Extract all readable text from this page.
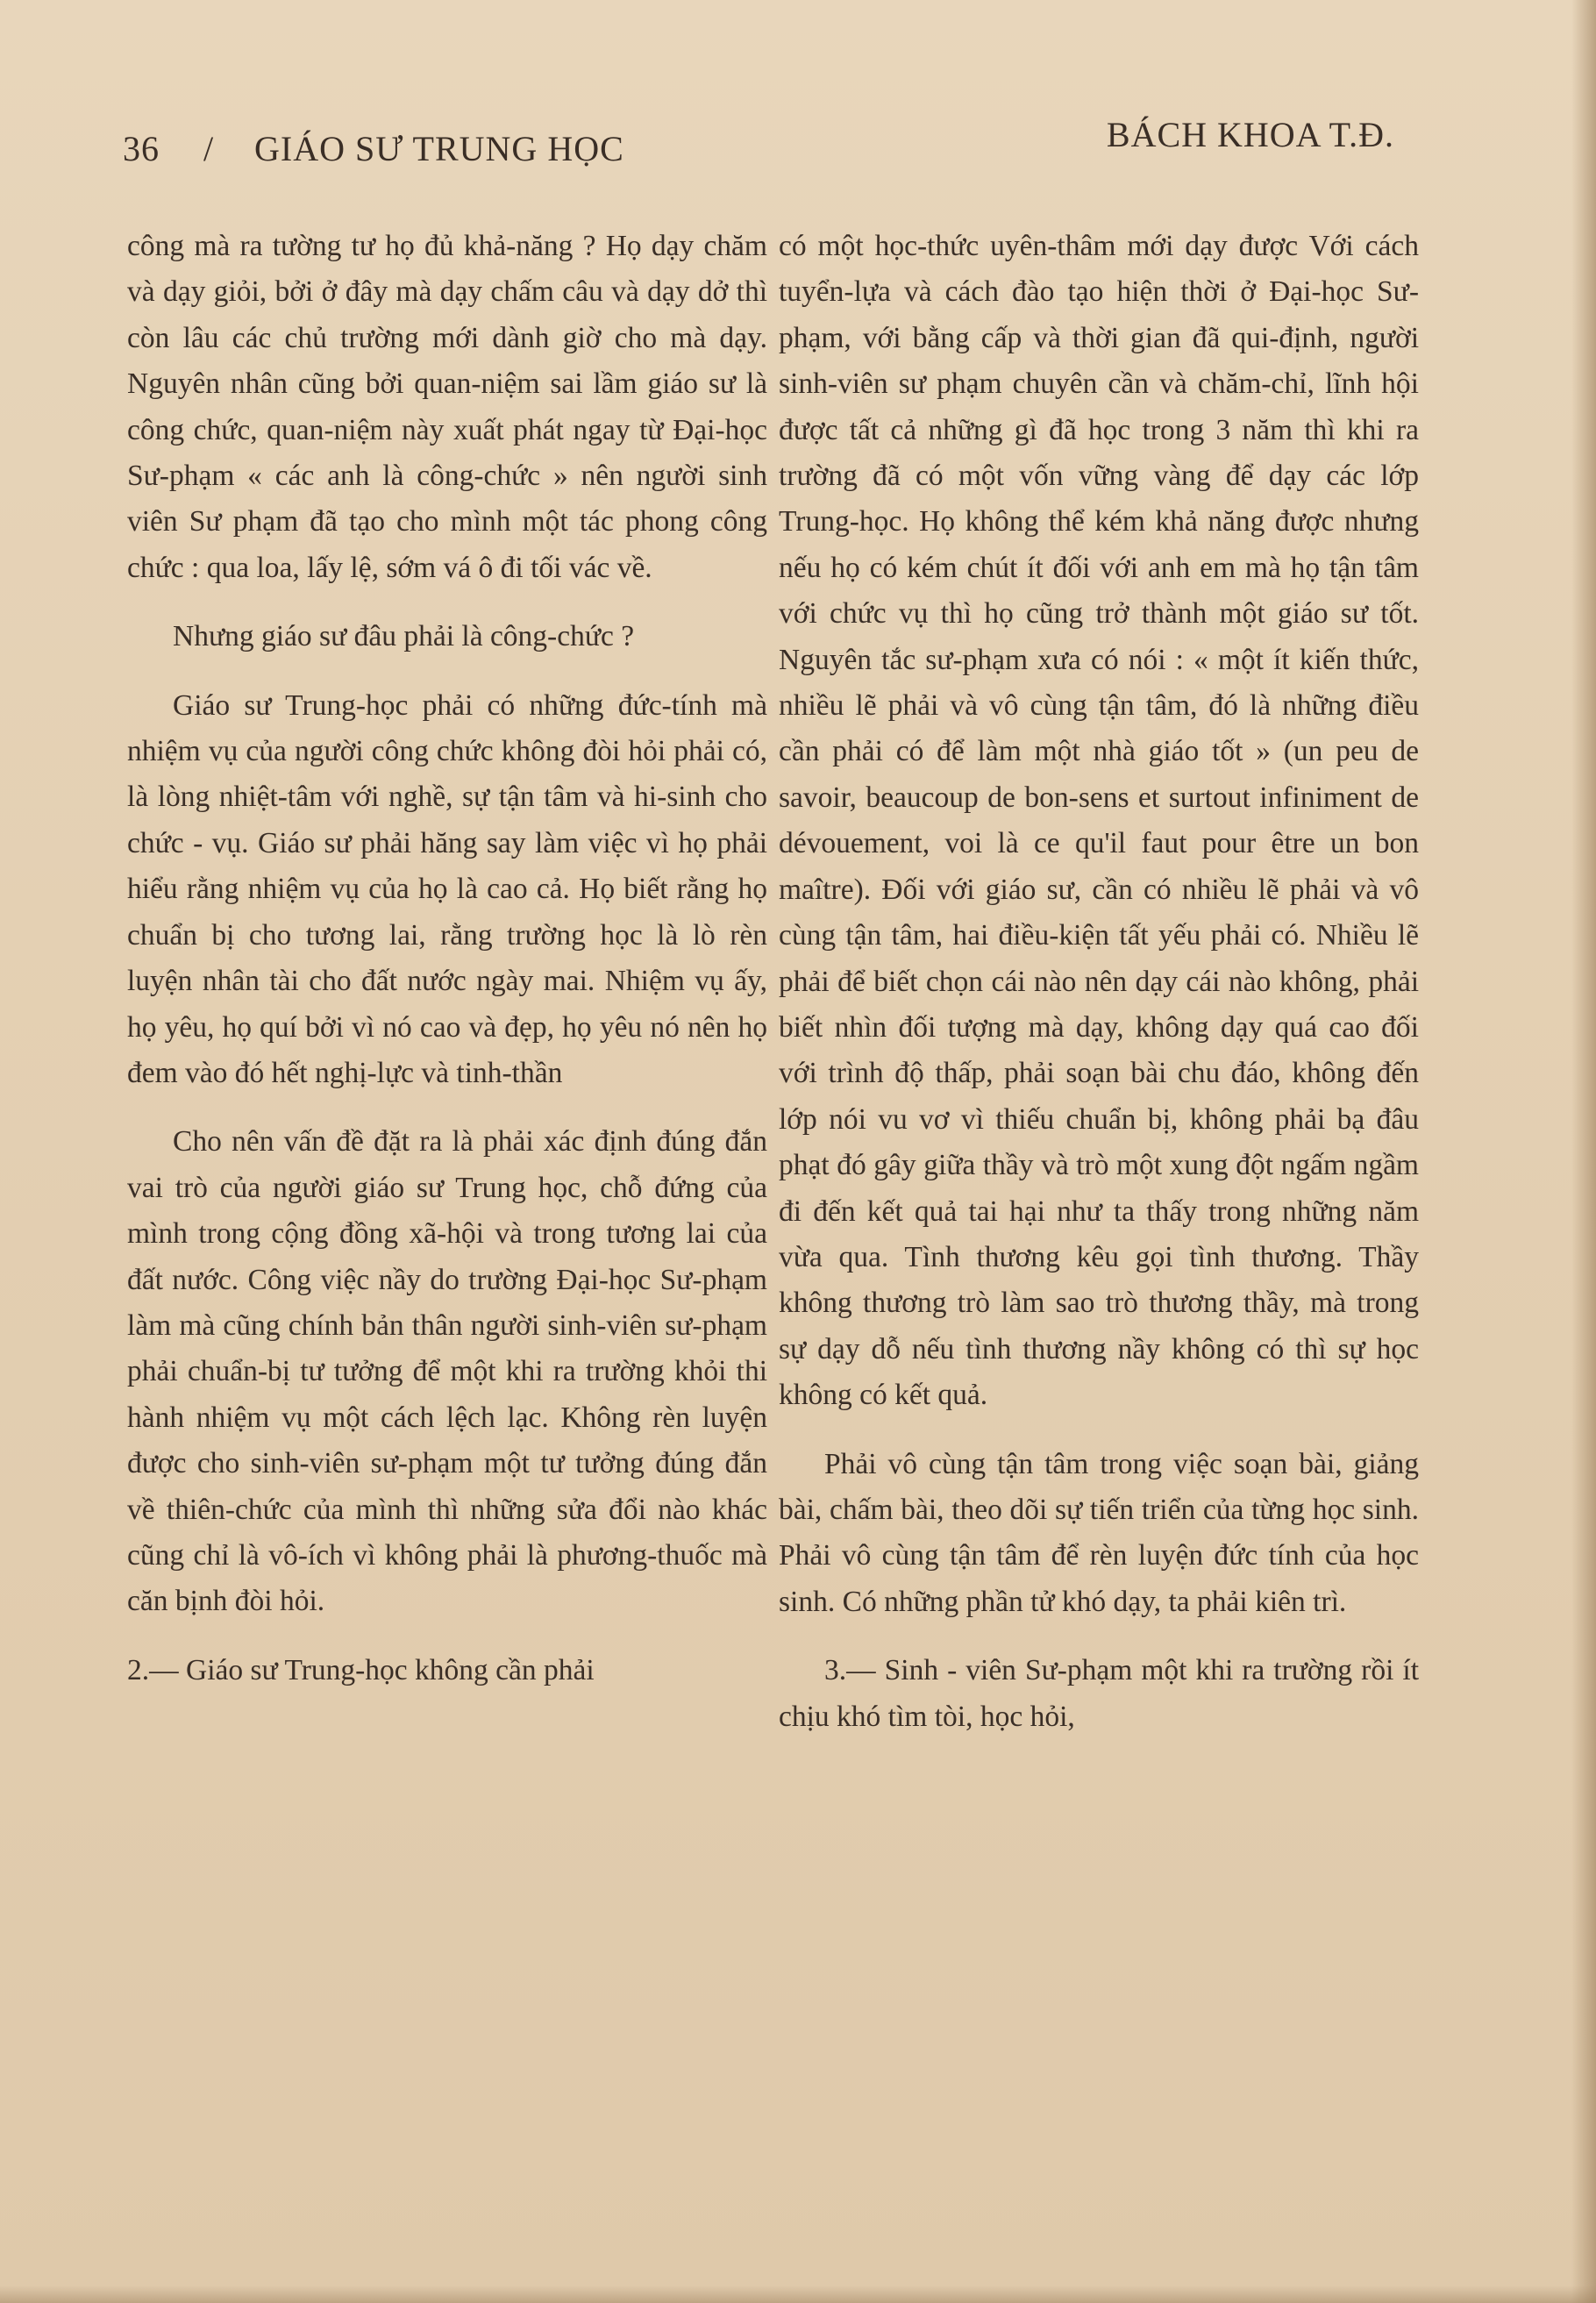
36 / GIÁO SƯ TRUNG HỌC	BÁCH KHOA T.Đ.

công mà ra tường tư họ đủ khả-năng ? Họ dạy chăm và dạy giỏi, bởi ở đây mà dạy chấm câu và dạy dở thì còn lâu các chủ trường mới dành giờ cho mà dạy. Nguyên nhân cũng bởi quan-niệm sai lầm giáo sư là công chức, quan-niệm này xuất phát ngay từ Đại-học Sư-phạm « các anh là công-chức » nên người sinh viên Sư phạm đã tạo cho mình một tác phong công chức : qua loa, lấy lệ, sớm vá ô đi tối vác về.

Nhưng giáo sư đâu phải là công-chức ?

Giáo sư Trung-học phải có những đức-tính mà nhiệm vụ của người công chức không đòi hỏi phải có, là lòng nhiệt-tâm với nghề, sự tận tâm và hi-sinh cho chức - vụ. Giáo sư phải hăng say làm việc vì họ phải hiểu rằng nhiệm vụ của họ là cao cả. Họ biết rằng họ chuẩn bị cho tương lai, rằng trường học là lò rèn luyện nhân tài cho đất nước ngày mai. Nhiệm vụ ấy, họ yêu, họ quí bởi vì nó cao và đẹp, họ yêu nó nên họ đem vào đó hết nghị-lực và tinh-thần

Cho nên vấn đề đặt ra là phải xác định đúng đắn vai trò của người giáo sư Trung học, chỗ đứng của mình trong cộng đồng xã-hội và trong tương lai của đất nước. Công việc nầy do trường Đại-học Sư-phạm làm mà cũng chính bản thân người sinh-viên sư-phạm phải chuẩn-bị tư tưởng để một khi ra trường khỏi thi hành nhiệm vụ một cách lệch lạc. Không rèn luyện được cho sinh-viên sư-phạm một tư tưởng đúng đắn về thiên-chức của mình thì những sửa đổi nào khác cũng chỉ là vô-ích vì không phải là phương-thuốc mà căn bịnh đòi hỏi.

2.— Giáo sư Trung-học không cần phải

có một học-thức uyên-thâm mới dạy được Với cách tuyển-lựa và cách đào tạo hiện thời ở Đại-học Sư-phạm, với bằng cấp và thời gian đã qui-định, người sinh-viên sư phạm chuyên cần và chăm-chỉ, lĩnh hội được tất cả những gì đã học trong 3 năm thì khi ra trường đã có một vốn vững vàng để dạy các lớp Trung-học. Họ không thể kém khả năng được nhưng nếu họ có kém chút ít đối với anh em mà họ tận tâm với chức vụ thì họ cũng trở thành một giáo sư tốt. Nguyên tắc sư-phạm xưa có nói : « một ít kiến thức, nhiều lẽ phải và vô cùng tận tâm, đó là những điều cần phải có để làm một nhà giáo tốt » (un peu de savoir, beaucoup de bon-sens et surtout infiniment de dévouement, voi là ce qu'il faut pour être un bon maître). Đối với giáo sư, cần có nhiều lẽ phải và vô cùng tận tâm, hai điều-kiện tất yếu phải có. Nhiều lẽ phải để biết chọn cái nào nên dạy cái nào không, phải biết nhìn đối tượng mà dạy, không dạy quá cao đối với trình độ thấp, phải soạn bài chu đáo, không đến lớp nói vu vơ vì thiếu chuẩn bị, không phải bạ đâu phạt đó gây giữa thầy và trò một xung đột ngấm ngầm đi đến kết quả tai hại như ta thấy trong những năm vừa qua. Tình thương kêu gọi tình thương. Thầy không thương trò làm sao trò thương thầy, mà trong sự dạy dỗ nếu tình thương nầy không có thì sự học không có kết quả.

Phải vô cùng tận tâm trong việc soạn bài, giảng bài, chấm bài, theo dõi sự tiến triển của từng học sinh. Phải vô cùng tận tâm để rèn luyện đức tính của học sinh. Có những phần tử khó dạy, ta phải kiên trì.

3.— Sinh - viên Sư-phạm một khi ra trường rồi ít chịu khó tìm tòi, học hỏi,
